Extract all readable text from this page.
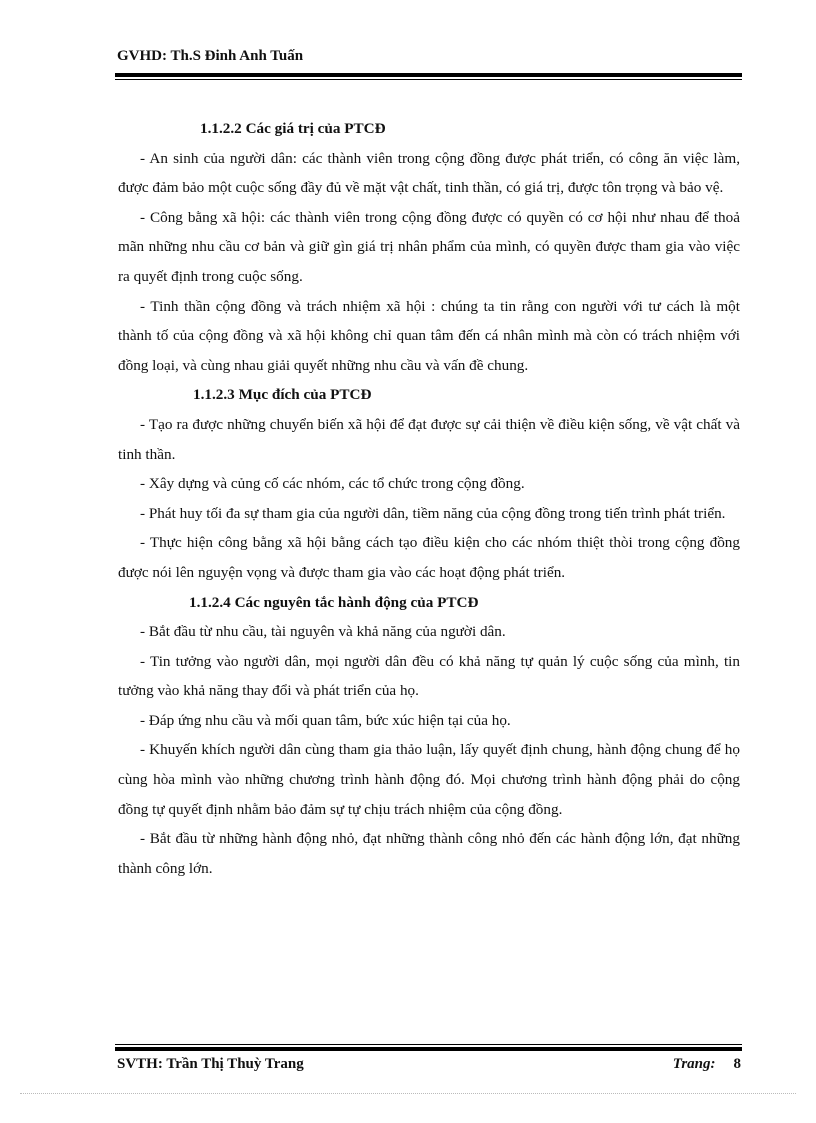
GVHD: Th.S Đinh Anh Tuấn
1.1.2.2 Các giá trị của PTCĐ

- An sinh của người dân: các thành viên trong cộng đồng được phát triển, có công ăn việc làm, được đảm bảo một cuộc sống đầy đủ về mặt vật chất, tinh thần, có giá trị, được tôn trọng và bảo vệ.

- Công bằng xã hội: các thành viên trong cộng đồng được có quyền có cơ hội như nhau để thoả mãn những nhu cầu cơ bản và giữ gìn giá trị nhân phẩm của mình, có quyền được tham gia vào việc ra quyết định trong cuộc sống.

- Tinh thần cộng đồng và trách nhiệm xã hội : chúng ta tin rằng con người với tư cách là một thành tố của cộng đồng và xã hội không chỉ quan tâm đến cá nhân mình mà còn có trách nhiệm với đồng loại, và cùng nhau giải quyết những nhu cầu và vấn đề chung.

1.1.2.3 Mục đích của PTCĐ

- Tạo ra được những chuyển biến xã hội để đạt được sự cải thiện về điều kiện sống, về vật chất và tinh thần.

- Xây dựng và củng cố các nhóm, các tổ chức trong cộng đồng.

- Phát huy tối đa sự tham gia của người dân, tiềm năng của cộng đồng trong tiến trình phát triển.

- Thực hiện công bằng xã hội bằng cách tạo điều kiện cho các nhóm thiệt thòi trong cộng đồng được nói lên nguyện vọng và được tham gia vào các hoạt động phát triển.

1.1.2.4 Các nguyên tắc hành động của PTCĐ

- Bắt đầu từ nhu cầu, tài nguyên và khả năng của người dân.

- Tin tưởng vào người dân, mọi người dân đều có khả năng tự quản lý cuộc sống của mình, tin tưởng vào khả năng thay đổi và phát triển của họ.

- Đáp ứng nhu cầu và mối quan tâm, bức xúc hiện tại của họ.

- Khuyến khích người dân cùng tham gia thảo luận, lấy quyết định chung, hành động chung để họ cùng hòa mình vào những chương trình hành động đó. Mọi chương trình hành động phải do cộng đồng tự quyết định nhằm bảo đảm sự tự chịu trách nhiệm của cộng đồng.

- Bắt đầu từ những hành động nhỏ, đạt những thành công nhỏ đến các hành động lớn, đạt những thành công lớn.

SVTH: Trần Thị Thuỳ Trang	Trang: 8
